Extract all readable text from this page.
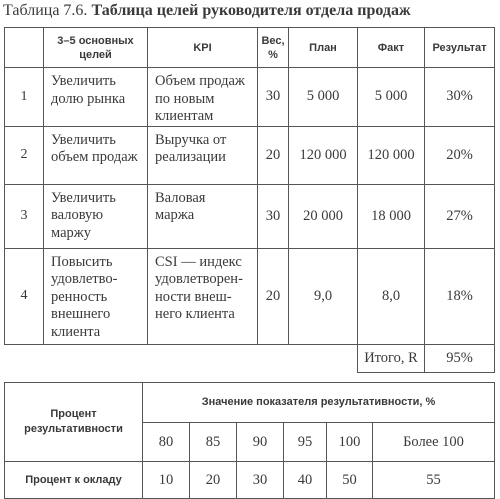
Таблица 7.6. Таблица целей руководителя отдела продаж
	3–5 основных
целей	KPI	Вес,
%	План	Факт	Результат
1	Увеличить
долю рынка	Объем продаж
по новым
клиентам	30	5 000	5 000	30%
2	Увеличить
объем продаж	Выручка от
реализации	20	120 000	120 000	20%
3	Увеличить
валовую
маржу	Валовая
маржа	30	20 000	18 000	27%
4	Повысить
удовлетво-
ренность
внешнего
клиента	CSI — индекс
удовлетворен-
ности внеш-
него клиента	20	9,0	8,0	18%
					Итого, R	95%
Процент
результативности	Значение показателя результативности, %					
	80	85	90	95	100	Более 100
Процент к окладу	10	20	30	40	50	55
